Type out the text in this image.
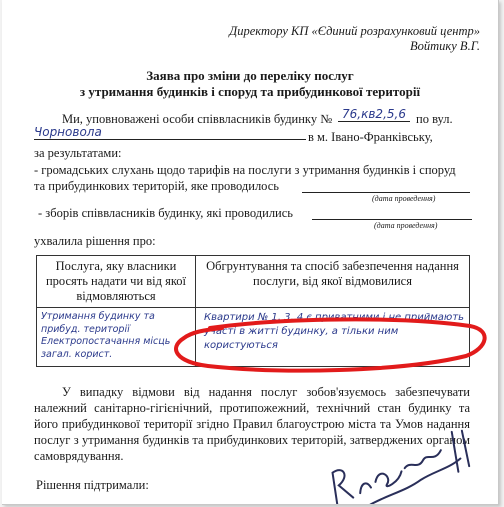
Директору КП «Єдиний розрахунковий центр»
Войтику В.Г.
Заява про зміни до переліку послуг
з утримання будинків і споруд та прибудинкової території
Ми, уповноважені особи співвласників будинку № 76,кв2,5,6 по вул.
Чорновола	в м. Івано-Франківську,
за результатами:
- громадських слухань щодо тарифів на послуги з утримання будинків і споруд
та прибудинкових територій, яке проводилось
(дата проведення)
- зборів співвласників будинку, які проводились
(дата проведення)
ухвалила рішення про:
Послуга, яку власники просять надати чи від якої відмовляються	Обгрунтування та спосіб забезпечення надання послуги, від якої відмовилися
Утримання будинку та прибуд. території Електропостачання місць загал. корист.	Квартири № 1, 3, 4 є приватними і не приймають участі в житті будинку, а тільки ним користуються
У випадку відмови від надання послуг зобов'язуємось забезпечувати належний санітарно-гігієнічний, протипожежний, технічний стан будинку та його прибудинкової території згідно Правил благоустрою міста та Умов надання послуг з утримання будинків та прибудинкових територій, затверджених органом самоврядування.
Рішення підтримали:
